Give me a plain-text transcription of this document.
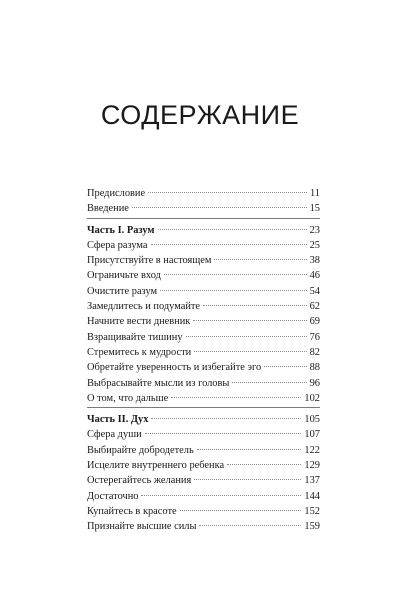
СОДЕРЖАНИЕ
Предисловие	11
Введение	15
Часть I. Разум	23
Сфера разума	25
Присутствуйте в настоящем	38
Ограничьте вход	46
Очистите разум	54
Замедлитесь и подумайте	62
Начните вести дневник	69
Взращивайте тишину	76
Стремитесь к мудрости	82
Обретайте уверенность и избегайте эго	88
Выбрасывайте мысли из головы	96
О том, что дальше	102
Часть II. Дух	105
Сфера души	107
Выбирайте добродетель	122
Исцелите внутреннего ребенка	129
Остерегайтесь желания	137
Достаточно	144
Купайтесь в красоте	152
Признайте высшие силы	159
